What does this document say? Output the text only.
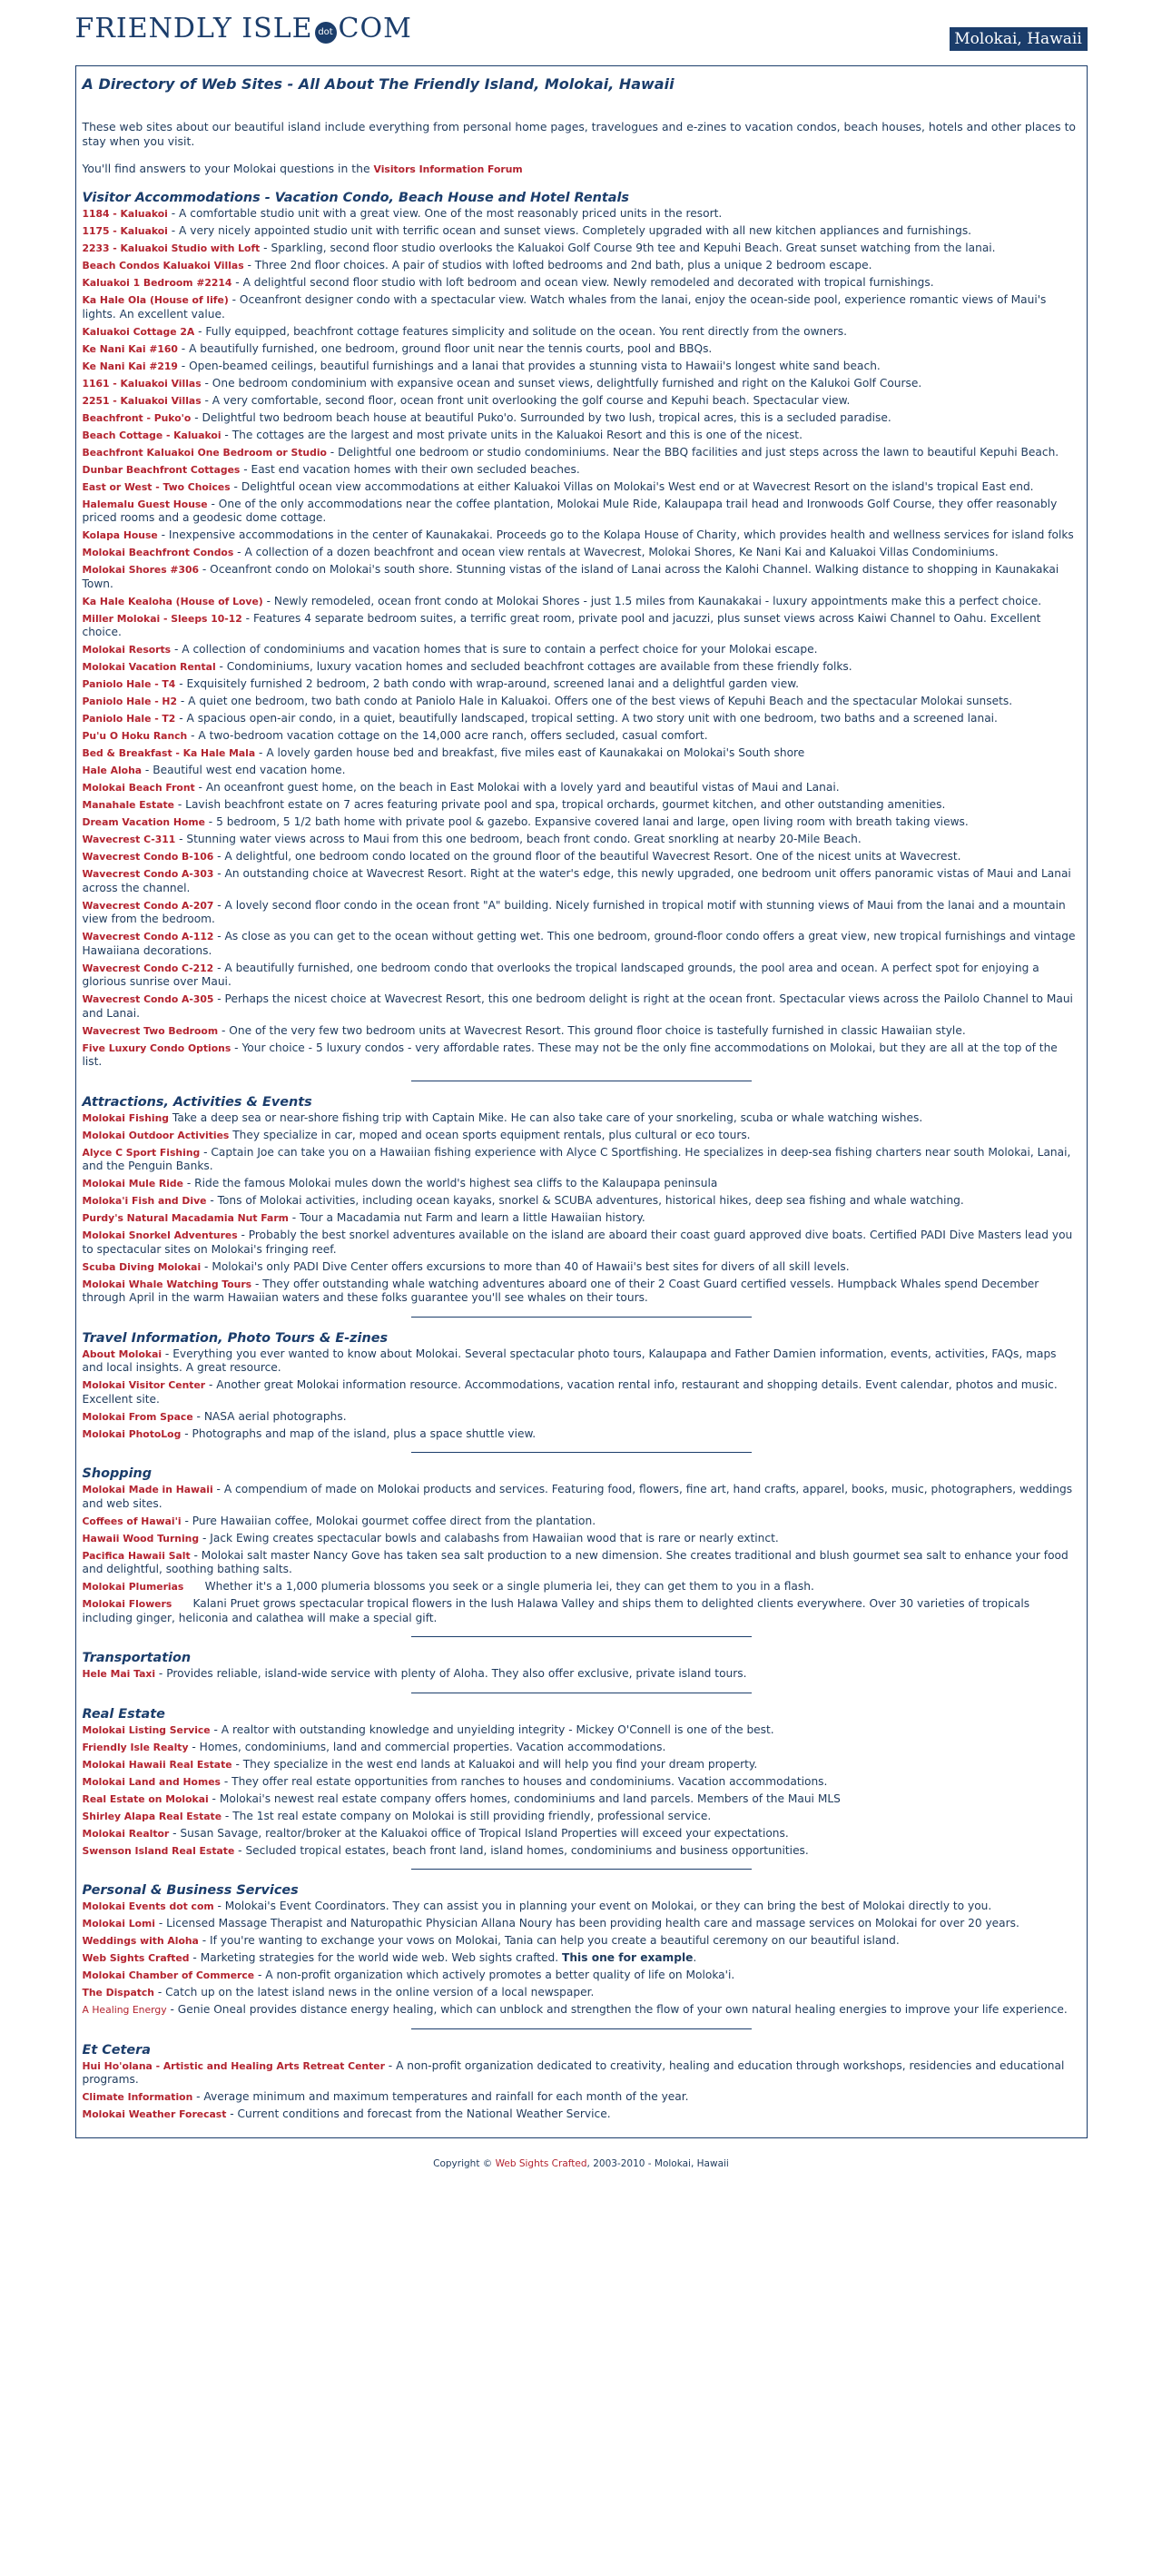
FRIENDLY ISLE dot COM	Molokai, Hawaii
A Directory of Web Sites - All About The Friendly Island, Molokai, Hawaii

These web sites about our beautiful island include everything from personal home pages, travelogues and e-zines to vacation condos, beach houses, hotels and other places to stay when you visit.

You'll find answers to your Molokai questions in the Visitors Information Forum

Visitor Accommodations - Vacation Condo, Beach House and Hotel Rentals
1184 - Kaluakoi - A comfortable studio unit with a great view. One of the most reasonably priced units in the resort.
1175 - Kaluakoi - A very nicely appointed studio unit with terrific ocean and sunset views. Completely upgraded with all new kitchen appliances and furnishings.
2233 - Kaluakoi Studio with Loft - Sparkling, second floor studio overlooks the Kaluakoi Golf Course 9th tee and Kepuhi Beach. Great sunset watching from the lanai.
Beach Condos Kaluakoi Villas - Three 2nd floor choices. A pair of studios with lofted bedrooms and 2nd bath, plus a unique 2 bedroom escape.
Kaluakoi 1 Bedroom #2214 - A delightful second floor studio with loft bedroom and ocean view. Newly remodeled and decorated with tropical furnishings.
Ka Hale Ola (House of life) - Oceanfront designer condo with a spectacular view. Watch whales from the lanai, enjoy the ocean-side pool, experience romantic views of Maui's lights. An excellent value.
Kaluakoi Cottage 2A - Fully equipped, beachfront cottage features simplicity and solitude on the ocean. You rent directly from the owners.
Ke Nani Kai #160 - A beautifully furnished, one bedroom, ground floor unit near the tennis courts, pool and BBQs.
Ke Nani Kai #219 - Open-beamed ceilings, beautiful furnishings and a lanai that provides a stunning vista to Hawaii's longest white sand beach.
1161 - Kaluakoi Villas - One bedroom condominium with expansive ocean and sunset views, delightfully furnished and right on the Kalukoi Golf Course.
2251 - Kaluakoi Villas - A very comfortable, second floor, ocean front unit overlooking the golf course and Kepuhi beach. Spectacular view.
Beachfront - Puko'o - Delightful two bedroom beach house at beautiful Puko'o. Surrounded by two lush, tropical acres, this is a secluded paradise.
Beach Cottage - Kaluakoi - The cottages are the largest and most private units in the Kaluakoi Resort and this is one of the nicest.
Beachfront Kaluakoi One Bedroom or Studio - Delightful one bedroom or studio condominiums. Near the BBQ facilities and just steps across the lawn to beautiful Kepuhi Beach.
Dunbar Beachfront Cottages - East end vacation homes with their own secluded beaches.
East or West - Two Choices - Delightful ocean view accommodations at either Kaluakoi Villas on Molokai's West end or at Wavecrest Resort on the island's tropical East end.
Halemalu Guest House - One of the only accommodations near the coffee plantation, Molokai Mule Ride, Kalaupapa trail head and Ironwoods Golf Course, they offer reasonably priced rooms and a geodesic dome cottage.
Kolapa House - Inexpensive accommodations in the center of Kaunakakai. Proceeds go to the Kolapa House of Charity, which provides health and wellness services for island folks
Molokai Beachfront Condos - A collection of a dozen beachfront and ocean view rentals at Wavecrest, Molokai Shores, Ke Nani Kai and Kaluakoi Villas Condominiums.
Molokai Shores #306 - Oceanfront condo on Molokai's south shore. Stunning vistas of the island of Lanai across the Kalohi Channel. Walking distance to shopping in Kaunakakai Town.
Ka Hale Kealoha (House of Love) - Newly remodeled, ocean front condo at Molokai Shores - just 1.5 miles from Kaunakakai - luxury appointments make this a perfect choice.
Miller Molokai - Sleeps 10-12 - Features 4 separate bedroom suites, a terrific great room, private pool and jacuzzi, plus sunset views across Kaiwi Channel to Oahu. Excellent choice.
Molokai Resorts - A collection of condominiums and vacation homes that is sure to contain a perfect choice for your Molokai escape.
Molokai Vacation Rental - Condominiums, luxury vacation homes and secluded beachfront cottages are available from these friendly folks.
Paniolo Hale - T4 - Exquisitely furnished 2 bedroom, 2 bath condo with wrap-around, screened lanai and a delightful garden view.
Paniolo Hale - H2 - A quiet one bedroom, two bath condo at Paniolo Hale in Kaluakoi. Offers one of the best views of Kepuhi Beach and the spectacular Molokai sunsets.
Paniolo Hale - T2 - A spacious open-air condo, in a quiet, beautifully landscaped, tropical setting. A two story unit with one bedroom, two baths and a screened lanai.
Pu'u O Hoku Ranch - A two-bedroom vacation cottage on the 14,000 acre ranch, offers secluded, casual comfort.
Bed & Breakfast - Ka Hale Mala - A lovely garden house bed and breakfast, five miles east of Kaunakakai on Molokai's South shore
Hale Aloha - Beautiful west end vacation home.
Molokai Beach Front - An oceanfront guest home, on the beach in East Molokai with a lovely yard and beautiful vistas of Maui and Lanai.
Manahale Estate - Lavish beachfront estate on 7 acres featuring private pool and spa, tropical orchards, gourmet kitchen, and other outstanding amenities.
Dream Vacation Home - 5 bedroom, 5 1/2 bath home with private pool & gazebo. Expansive covered lanai and large, open living room with breath taking views.
Wavecrest C-311 - Stunning water views across to Maui from this one bedroom, beach front condo. Great snorkling at nearby 20-Mile Beach.
Wavecrest Condo B-106 - A delightful, one bedroom condo located on the ground floor of the beautiful Wavecrest Resort. One of the nicest units at Wavecrest.
Wavecrest Condo A-303 - An outstanding choice at Wavecrest Resort. Right at the water's edge, this newly upgraded, one bedroom unit offers panoramic vistas of Maui and Lanai across the channel.
Wavecrest Condo A-207 - A lovely second floor condo in the ocean front "A" building. Nicely furnished in tropical motif with stunning views of Maui from the lanai and a mountain view from the bedroom.
Wavecrest Condo A-112 - As close as you can get to the ocean without getting wet. This one bedroom, ground-floor condo offers a great view, new tropical furnishings and vintage Hawaiiana decorations.
Wavecrest Condo C-212 - A beautifully furnished, one bedroom condo that overlooks the tropical landscaped grounds, the pool area and ocean. A perfect spot for enjoying a glorious sunrise over Maui.
Wavecrest Condo A-305 - Perhaps the nicest choice at Wavecrest Resort, this one bedroom delight is right at the ocean front. Spectacular views across the Pailolo Channel to Maui and Lanai.
Wavecrest Two Bedroom - One of the very few two bedroom units at Wavecrest Resort. This ground floor choice is tastefully furnished in classic Hawaiian style.
Five Luxury Condo Options - Your choice - 5 luxury condos - very affordable rates. These may not be the only fine accommodations on Molokai, but they are all at the top of the list.
Attractions, Activities & Events
Molokai Fishing Take a deep sea or near-shore fishing trip with Captain Mike. He can also take care of your snorkeling, scuba or whale watching wishes.
Molokai Outdoor Activities They specialize in car, moped and ocean sports equipment rentals, plus cultural or eco tours.
Alyce C Sport Fishing - Captain Joe can take you on a Hawaiian fishing experience with Alyce C Sportfishing. He specializes in deep-sea fishing charters near south Molokai, Lanai, and the Penguin Banks.
Molokai Mule Ride - Ride the famous Molokai mules down the world's highest sea cliffs to the Kalaupapa peninsula
Moloka'i Fish and Dive - Tons of Molokai activities, including ocean kayaks, snorkel & SCUBA adventures, historical hikes, deep sea fishing and whale watching.
Purdy's Natural Macadamia Nut Farm - Tour a Macadamia nut Farm and learn a little Hawaiian history.
Molokai Snorkel Adventures - Probably the best snorkel adventures available on the island are aboard their coast guard approved dive boats. Certified PADI Dive Masters lead you to spectacular sites on Molokai's fringing reef.
Scuba Diving Molokai - Molokai's only PADI Dive Center offers excursions to more than 40 of Hawaii's best sites for divers of all skill levels.
Molokai Whale Watching Tours - They offer outstanding whale watching adventures aboard one of their 2 Coast Guard certified vessels. Humpback Whales spend December through April in the warm Hawaiian waters and these folks guarantee you'll see whales on their tours.
Travel Information, Photo Tours & E-zines
About Molokai - Everything you ever wanted to know about Molokai. Several spectacular photo tours, Kalaupapa and Father Damien information, events, activities, FAQs, maps and local insights. A great resource.
Molokai Visitor Center - Another great Molokai information resource. Accommodations, vacation rental info, restaurant and shopping details. Event calendar, photos and music. Excellent site.
Molokai From Space - NASA aerial photographs.
Molokai PhotoLog - Photographs and map of the island, plus a space shuttle view.
Shopping
Molokai Made in Hawaii - A compendium of made on Molokai products and services. Featuring food, flowers, fine art, hand crafts, apparel, books, music, photographers, weddings and web sites.
Coffees of Hawai'i - Pure Hawaiian coffee, Molokai gourmet coffee direct from the plantation.
Hawaii Wood Turning - Jack Ewing creates spectacular bowls and calabashs from Hawaiian wood that is rare or nearly extinct.
Pacifica Hawaii Salt - Molokai salt master Nancy Gove has taken sea salt production to a new dimension. She creates traditional and blush gourmet sea salt to enhance your food and delightful, soothing bathing salts.
Molokai Plumerias Whether it's a 1,000 plumeria blossoms you seek or a single plumeria lei, they can get them to you in a flash.
Molokai Flowers Kalani Pruet grows spectacular tropical flowers in the lush Halawa Valley and ships them to delighted clients everywhere. Over 30 varieties of tropicals including ginger, heliconia and calathea will make a special gift.
Transportation
Hele Mai Taxi - Provides reliable, island-wide service with plenty of Aloha. They also offer exclusive, private island tours.
Real Estate
Molokai Listing Service - A realtor with outstanding knowledge and unyielding integrity - Mickey O'Connell is one of the best.
Friendly Isle Realty - Homes, condominiums, land and commercial properties. Vacation accommodations.
Molokai Hawaii Real Estate - They specialize in the west end lands at Kaluakoi and will help you find your dream property.
Molokai Land and Homes - They offer real estate opportunities from ranches to houses and condominiums. Vacation accommodations.
Real Estate on Molokai - Molokai's newest real estate company offers homes, condominiums and land parcels. Members of the Maui MLS
Shirley Alapa Real Estate - The 1st real estate company on Molokai is still providing friendly, professional service.
Molokai Realtor - Susan Savage, realtor/broker at the Kaluakoi office of Tropical Island Properties will exceed your expectations.
Swenson Island Real Estate - Secluded tropical estates, beach front land, island homes, condominiums and business opportunities.
Personal & Business Services
Molokai Events dot com - Molokai's Event Coordinators. They can assist you in planning your event on Molokai, or they can bring the best of Molokai directly to you.
Molokai Lomi - Licensed Massage Therapist and Naturopathic Physician Allana Noury has been providing health care and massage services on Molokai for over 20 years.
Weddings with Aloha - If you're wanting to exchange your vows on Molokai, Tania can help you create a beautiful ceremony on our beautiful island.
Web Sights Crafted - Marketing strategies for the world wide web. Web sights crafted. This one for example.
Molokai Chamber of Commerce - A non-profit organization which actively promotes a better quality of life on Moloka'i.
The Dispatch - Catch up on the latest island news in the online version of a local newspaper.
A Healing Energy - Genie Oneal provides distance energy healing, which can unblock and strengthen the flow of your own natural healing energies to improve your life experience.
Et Cetera
Hui Ho'olana - Artistic and Healing Arts Retreat Center - A non-profit organization dedicated to creativity, healing and education through workshops, residencies and educational programs.
Climate Information - Average minimum and maximum temperatures and rainfall for each month of the year.
Molokai Weather Forecast - Current conditions and forecast from the National Weather Service.
Copyright © Web Sights Crafted, 2003-2010 - Molokai, Hawaii
